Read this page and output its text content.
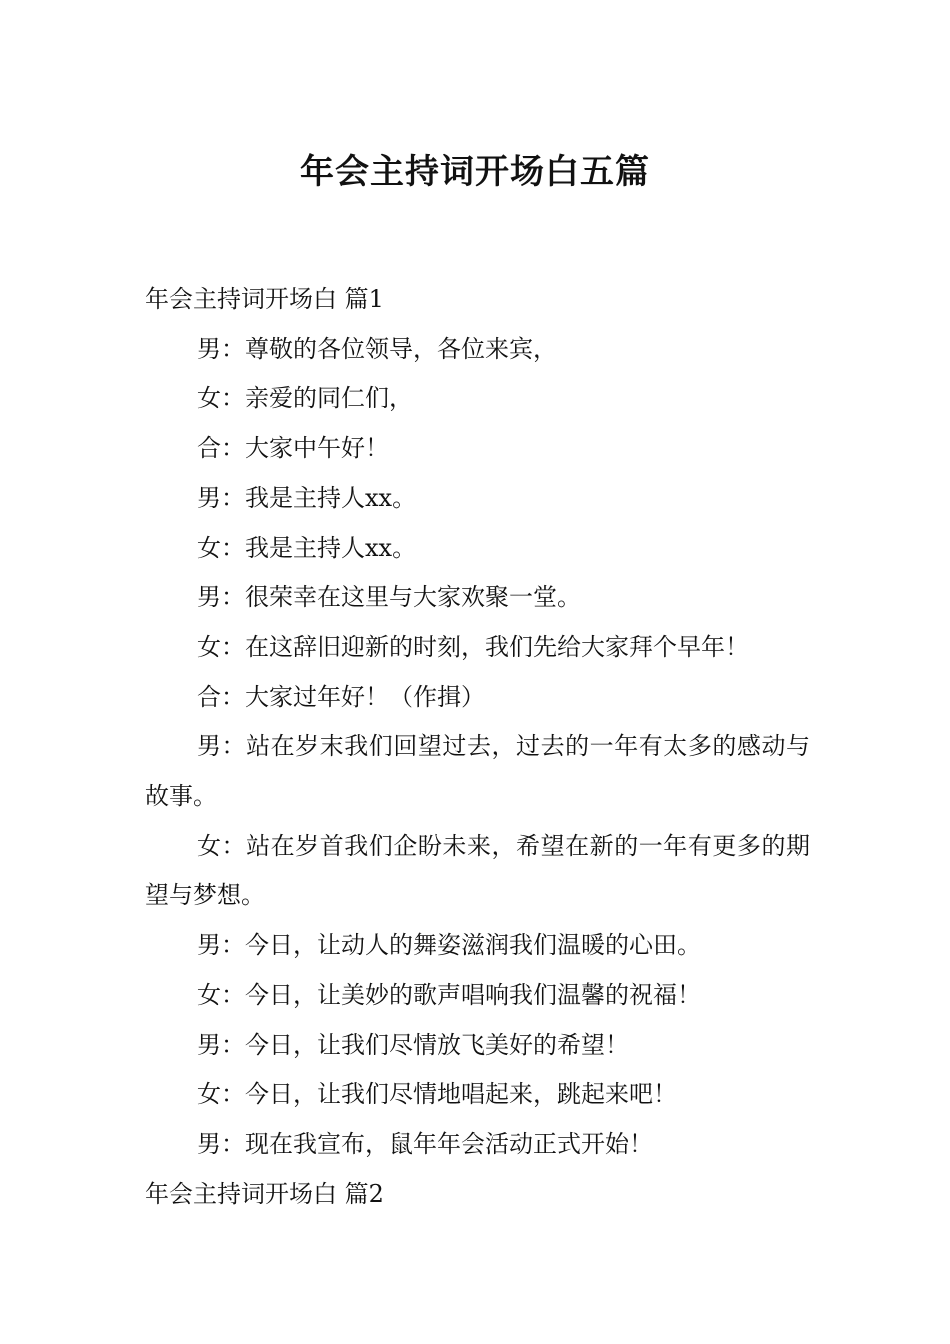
年会主持词开场白五篇
年会主持词开场白 篇1

男：尊敬的各位领导，各位来宾，

女：亲爱的同仁们，

合：大家中午好！

男：我是主持人xx。

女：我是主持人xx。

男：很荣幸在这里与大家欢聚一堂。

女：在这辞旧迎新的时刻，我们先给大家拜个早年！

合：大家过年好！（作揖）

男：站在岁末我们回望过去，过去的一年有太多的感动与故事。

女：站在岁首我们企盼未来，希望在新的一年有更多的期望与梦想。

男：今日，让动人的舞姿滋润我们温暖的心田。

女：今日，让美妙的歌声唱响我们温馨的祝福！

男：今日，让我们尽情放飞美好的希望！

女：今日，让我们尽情地唱起来，跳起来吧！

男：现在我宣布，鼠年年会活动正式开始！

年会主持词开场白 篇2
